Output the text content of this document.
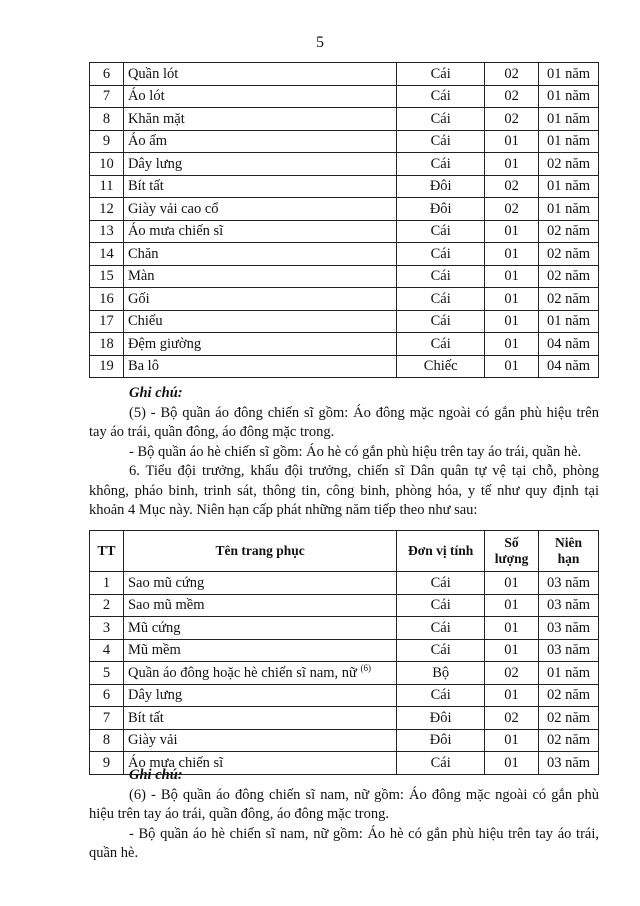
5
6	Quần lót	Cái	02	01 năm
7	Áo lót	Cái	02	01 năm
8	Khăn mặt	Cái	02	01 năm
9	Áo ấm	Cái	01	01 năm
10	Dây lưng	Cái	01	02 năm
11	Bít tất	Đôi	02	01 năm
12	Giày vải cao cổ	Đôi	02	01 năm
13	Áo mưa chiến sĩ	Cái	01	02 năm
14	Chăn	Cái	01	02 năm
15	Màn	Cái	01	02 năm
16	Gối	Cái	01	02 năm
17	Chiếu	Cái	01	01 năm
18	Đệm giường	Cái	01	04 năm
19	Ba lô	Chiếc	01	04 năm

Ghi chú:

(5) - Bộ quần áo đông chiến sĩ gồm: Áo đông mặc ngoài có gắn phù hiệu trên tay áo trái, quần đông, áo đông mặc trong.

- Bộ quần áo hè chiến sĩ gồm: Áo hè có gắn phù hiệu trên tay áo trái, quần hè.

6. Tiểu đội trưởng, khẩu đội trưởng, chiến sĩ Dân quân tự vệ tại chỗ, phòng không, pháo binh, trinh sát, thông tin, công binh, phòng hóa, y tế như quy định tại khoản 4 Mục này. Niên hạn cấp phát những năm tiếp theo như sau:

TT	Tên trang phục	Đơn vị tính	Số lượng	Niên hạn
1	Sao mũ cứng	Cái	01	03 năm
2	Sao mũ mềm	Cái	01	03 năm
3	Mũ cứng	Cái	01	03 năm
4	Mũ mềm	Cái	01	03 năm
5	Quần áo đông hoặc hè chiến sĩ nam, nữ $^{(6)}$	Bộ	02	01 năm
6	Dây lưng	Cái	01	02 năm
7	Bít tất	Đôi	02	02 năm
8	Giày vải	Đôi	01	02 năm
9	Áo mưa chiến sĩ	Cái	01	03 năm

Ghi chú:

(6) - Bộ quần áo đông chiến sĩ nam, nữ gồm: Áo đông mặc ngoài có gắn phù hiệu trên tay áo trái, quần đông, áo đông mặc trong.

- Bộ quần áo hè chiến sĩ nam, nữ gồm: Áo hè có gắn phù hiệu trên tay áo trái, quần hè.
